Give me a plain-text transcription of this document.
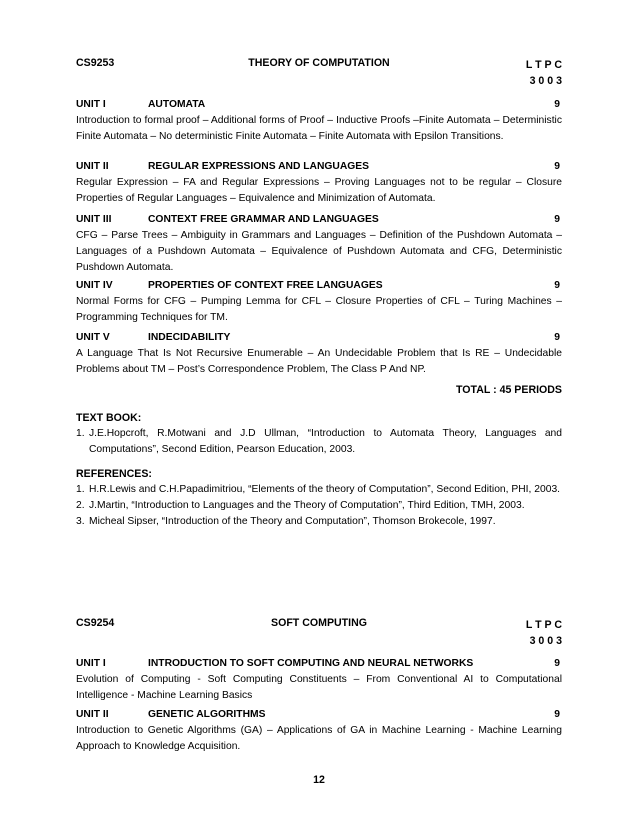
CS9253	THEORY OF COMPUTATION	L T P C
3 0 0 3
UNIT I	AUTOMATA	9
Introduction to formal proof – Additional forms of Proof – Inductive Proofs –Finite Automata – Deterministic Finite Automata – No deterministic Finite Automata – Finite Automata with Epsilon Transitions.
UNIT II	REGULAR EXPRESSIONS AND LANGUAGES	9
Regular Expression – FA and Regular Expressions – Proving Languages not to be regular – Closure Properties of Regular Languages – Equivalence and Minimization of Automata.
UNIT III	CONTEXT FREE GRAMMAR AND LANGUAGES	9
CFG – Parse Trees – Ambiguity in Grammars and Languages – Definition of the Pushdown Automata – Languages of a Pushdown Automata – Equivalence of Pushdown Automata and CFG, Deterministic Pushdown Automata.
UNIT IV	PROPERTIES OF CONTEXT FREE LANGUAGES	9
Normal Forms for CFG – Pumping Lemma for CFL – Closure Properties of CFL – Turing Machines – Programming Techniques for TM.
UNIT V	INDECIDABILITY	9
A Language That Is Not Recursive Enumerable – An Undecidable Problem that Is RE – Undecidable Problems about TM – Post’s Correspondence Problem, The Class P And NP.
TOTAL : 45 PERIODS
TEXT BOOK:
1. J.E.Hopcroft, R.Motwani and J.D Ullman, “Introduction to Automata Theory, Languages and Computations”, Second Edition, Pearson Education, 2003.
REFERENCES:
1. H.R.Lewis and C.H.Papadimitriou, “Elements of the theory of Computation”, Second Edition, PHI, 2003.
2. J.Martin, “Introduction to Languages and the Theory of Computation”, Third Edition, TMH, 2003.
3. Micheal Sipser, “Introduction of the Theory and Computation”, Thomson Brokecole, 1997.
CS9254	SOFT COMPUTING	L T P C
3 0 0 3
UNIT I	INTRODUCTION TO SOFT COMPUTING AND NEURAL NETWORKS	9
Evolution of Computing - Soft Computing Constituents – From Conventional AI to Computational Intelligence - Machine Learning Basics
UNIT II	GENETIC ALGORITHMS	9
Introduction to Genetic Algorithms (GA) – Applications of GA in Machine Learning - Machine Learning Approach to Knowledge Acquisition.
12
